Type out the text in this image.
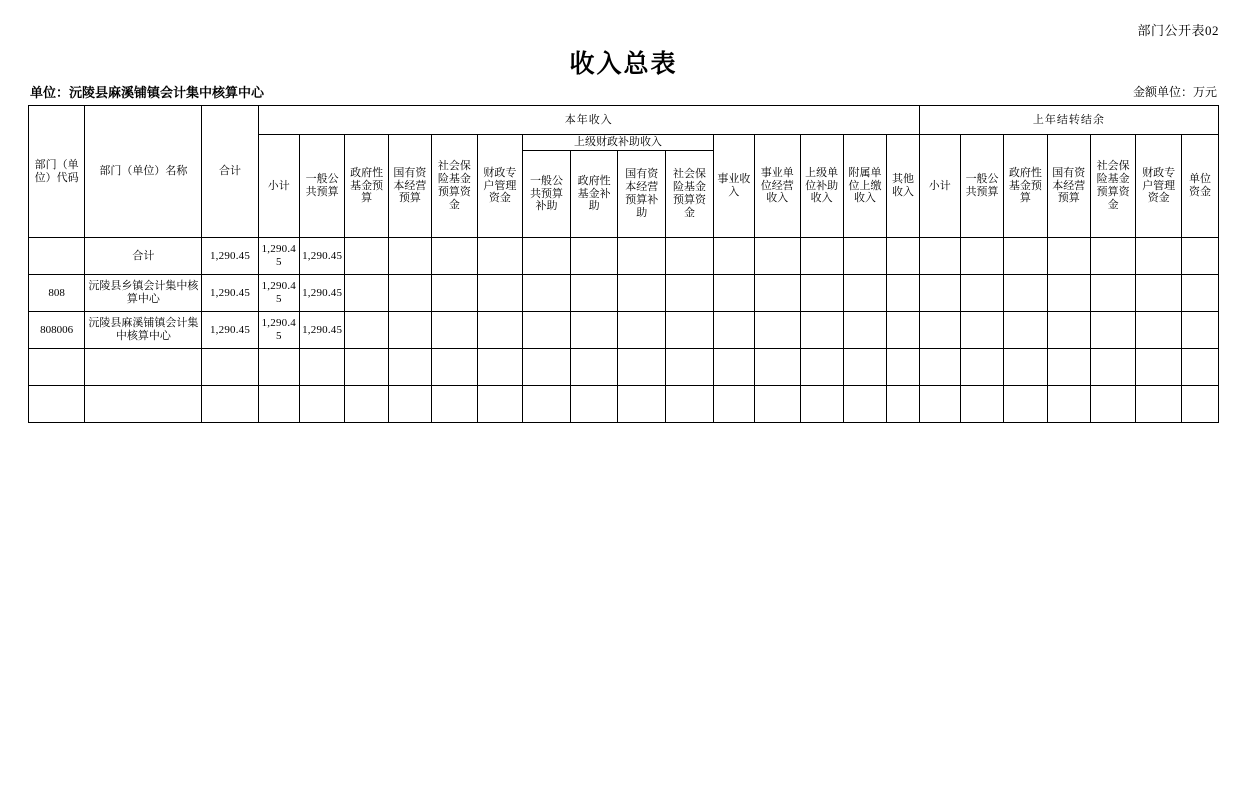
部门公开表02
收入总表
单位：沅陵县麻溪铺镇会计集中核算中心	金额单位：万元
部门（单位）代码	部门（单位）名称	合计	本年收入															上年结转结余						
			小计	一般公共预算	政府性基金预算	国有资本经营预算	社会保险基金预算资金	财政专户管理资金	上级财政补助收入				事业收入	事业单位经营收入	上级单位补助收入	附属单位上缴收入	其他收入	小计	一般公共预算	政府性基金预算	国有资本经营预算	社会保险基金预算资金	财政专户管理资金	单位资金
									一般公共预算补助	政府性基金补助	国有资本经营预算补助	社会保险基金预算资金												

	合计	1,290.45	1,290.45	1,290.45																				
808	沅陵县乡镇会计集中核算中心	1,290.45	1,290.45	1,290.45																				
808006	沅陵县麻溪铺镇会计集中核算中心	1,290.45	1,290.45	1,290.45																				
